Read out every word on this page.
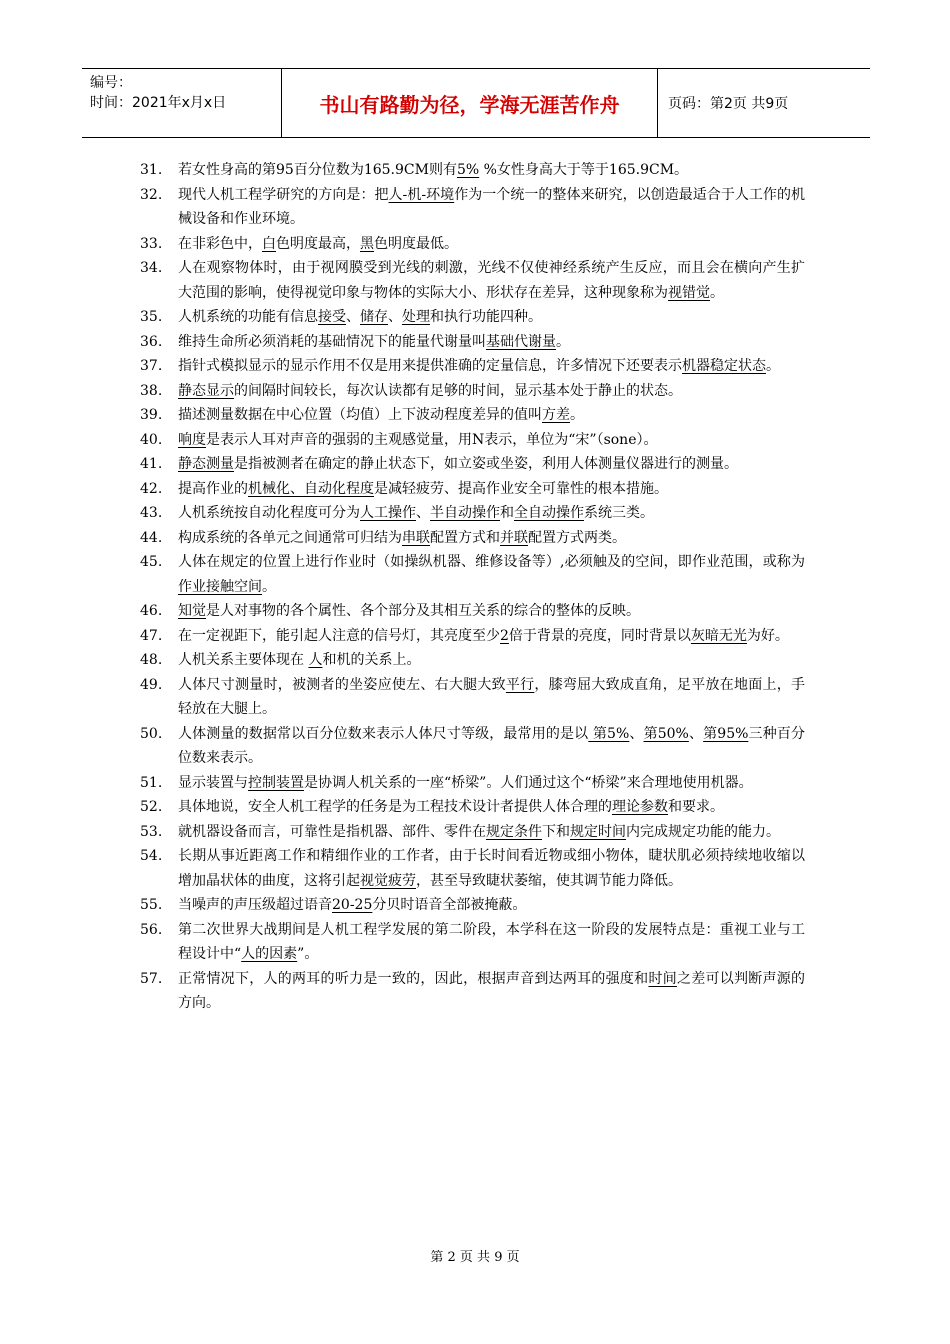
编号：
时间：2021年x月x日	书山有路勤为径，学海无涯苦作舟	页码：第2页 共9页
31.	若女性身高的第95百分位数为165.9CM则有5% %女性身高大于等于165.9CM。
32.	现代人机工程学研究的方向是：把人-机-环境作为一个统一的整体来研究，以创造最适合于人工作的机械设备和作业环境。
33.	在非彩色中，白色明度最高，黑色明度最低。
34.	人在观察物体时，由于视网膜受到光线的刺激，光线不仅使神经系统产生反应，而且会在横向产生扩大范围的影响，使得视觉印象与物体的实际大小、形状存在差异，这种现象称为视错觉。
35.	人机系统的功能有信息接受、储存、处理和执行功能四种。
36.	维持生命所必须消耗的基础情况下的能量代谢量叫基础代谢量。
37.	指针式模拟显示的显示作用不仅是用来提供准确的定量信息，许多情况下还要表示机器稳定状态。
38.	静态显示的间隔时间较长，每次认读都有足够的时间，显示基本处于静止的状态。
39.	描述测量数据在中心位置（均值）上下波动程度差异的值叫方差。
40.	响度是表示人耳对声音的强弱的主观感觉量，用N表示，单位为“宋”（sone）。
41.	静态测量是指被测者在确定的静止状态下，如立姿或坐姿，利用人体测量仪器进行的测量。
42.	提高作业的机械化、自动化程度是减轻疲劳、提高作业安全可靠性的根本措施。
43.	人机系统按自动化程度可分为人工操作、半自动操作和全自动操作系统三类。
44.	构成系统的各单元之间通常可归结为串联配置方式和并联配置方式两类。
45.	人体在规定的位置上进行作业时（如操纵机器、维修设备等）,必须触及的空间，即作业范围，或称为作业接触空间。
46.	知觉是人对事物的各个属性、各个部分及其相互关系的综合的整体的反映。
47.	在一定视距下，能引起人注意的信号灯，其亮度至少2倍于背景的亮度，同时背景以灰暗无光为好。
48.	人机关系主要体现在 人和机的关系上。
49.	人体尺寸测量时，被测者的坐姿应使左、右大腿大致平行，膝弯屈大致成直角，足平放在地面上，手轻放在大腿上。
50.	人体测量的数据常以百分位数来表示人体尺寸等级，最常用的是以 第5%、第50%、第95%三种百分位数来表示。
51.	显示装置与控制装置是协调人机关系的一座“桥梁”。人们通过这个“桥梁”来合理地使用机器。
52.	具体地说，安全人机工程学的任务是为工程技术设计者提供人体合理的理论参数和要求。
53.	就机器设备而言，可靠性是指机器、部件、零件在规定条件下和规定时间内完成规定功能的能力。
54.	长期从事近距离工作和精细作业的工作者，由于长时间看近物或细小物体，睫状肌必须持续地收缩以增加晶状体的曲度，这将引起视觉疲劳，甚至导致睫状萎缩，使其调节能力降低。
55.	当噪声的声压级超过语音20-25分贝时语音全部被掩蔽。
56.	第二次世界大战期间是人机工程学发展的第二阶段，本学科在这一阶段的发展特点是：重视工业与工程设计中“人的因素”。
57.	正常情况下，人的两耳的听力是一致的，因此，根据声音到达两耳的强度和时间之差可以判断声源的方向。
第 2 页 共 9 页
